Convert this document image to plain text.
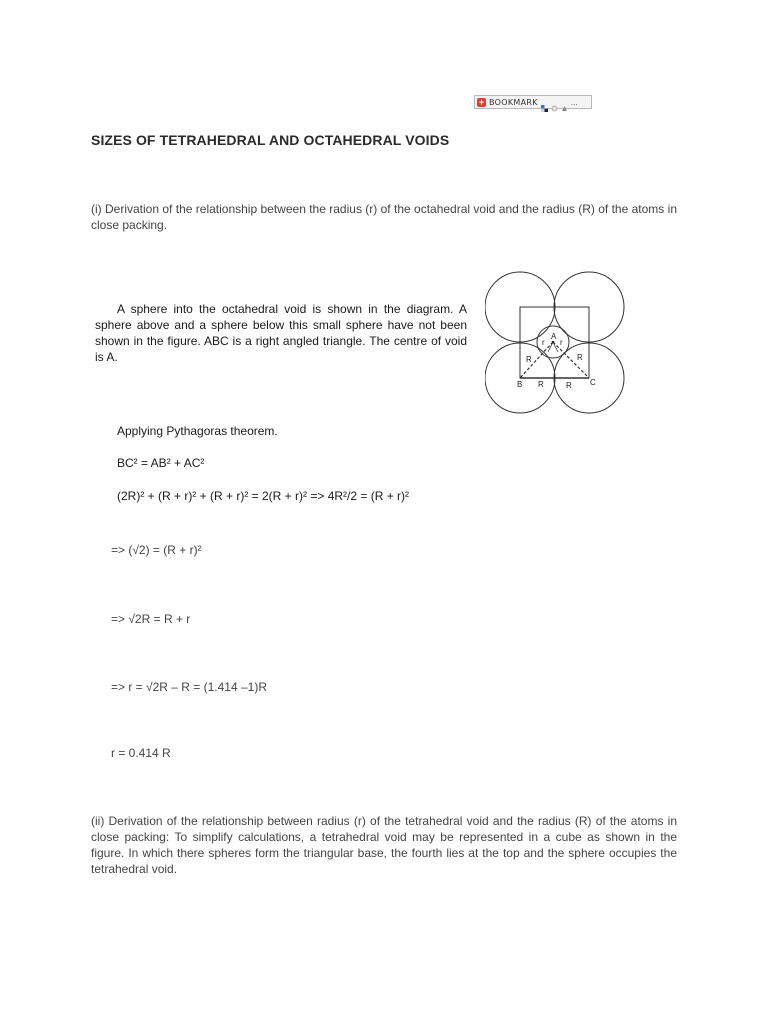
+ BOOKMARK	...
SIZES OF TETRAHEDRAL AND OCTAHEDRAL VOIDS
(i) Derivation of the relationship between the radius (r) of the octahedral void and the radius (R) of the atoms in close packing.
A sphere into the octahedral void is shown in the diagram. A sphere above and a sphere below this small sphere have not been shown in the figure. ABC is a right angled triangle. The centre of void is A.
A
r r
R	R
B R	R C
Applying Pythagoras theorem.
BC² = AB² + AC²
(2R)² + (R + r)² + (R + r)² = 2(R + r)² => 4R²/2 = (R + r)²
=> (√2) = (R + r)²
=> √2R = R + r
=> r = √2R – R = (1.414 –1)R
r = 0.414 R
(ii) Derivation of the relationship between radius (r) of the tetrahedral void and the radius (R) of the atoms in close packing: To simplify calculations, a tetrahedral void may be represented in a cube as shown in the figure. In which there spheres form the triangular base, the fourth lies at the top and the sphere occupies the tetrahedral void.
